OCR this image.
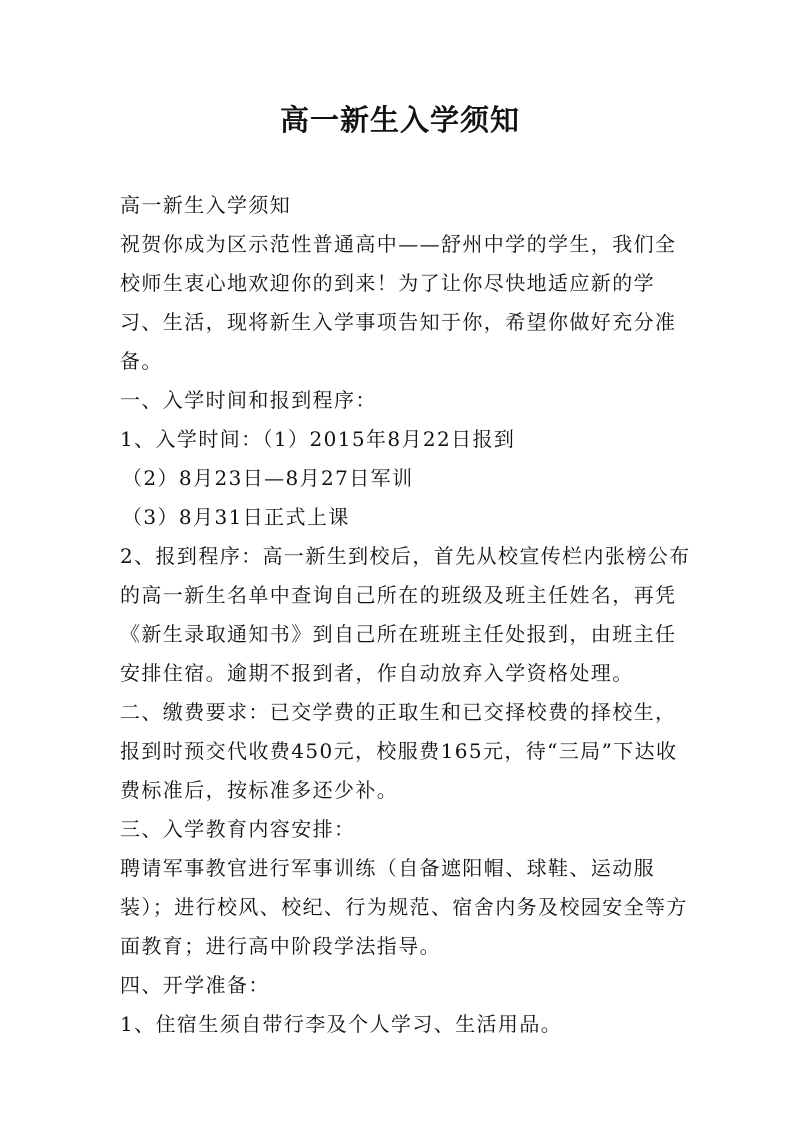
高一新生入学须知

高一新生入学须知

祝贺你成为区示范性普通高中——舒州中学的学生，我们全校师生衷心地欢迎你的到来！为了让你尽快地适应新的学习、生活，现将新生入学事项告知于你，希望你做好充分准备。

一、入学时间和报到程序：

1、入学时间：（1）2015年8月22日报到

（2）8月23日—8月27日军训

（3）8月31日正式上课

2、报到程序：高一新生到校后，首先从校宣传栏内张榜公布的高一新生名单中查询自己所在的班级及班主任姓名，再凭《新生录取通知书》到自己所在班班主任处报到，由班主任安排住宿。逾期不报到者，作自动放弃入学资格处理。

二、缴费要求：已交学费的正取生和已交择校费的择校生，报到时预交代收费450元，校服费165元，待“三局”下达收费标准后，按标准多还少补。

三、入学教育内容安排：

聘请军事教官进行军事训练（自备遮阳帽、球鞋、运动服装）；进行校风、校纪、行为规范、宿舍内务及校园安全等方面教育；进行高中阶段学法指导。

四、开学准备：

1、住宿生须自带行李及个人学习、生活用品。
